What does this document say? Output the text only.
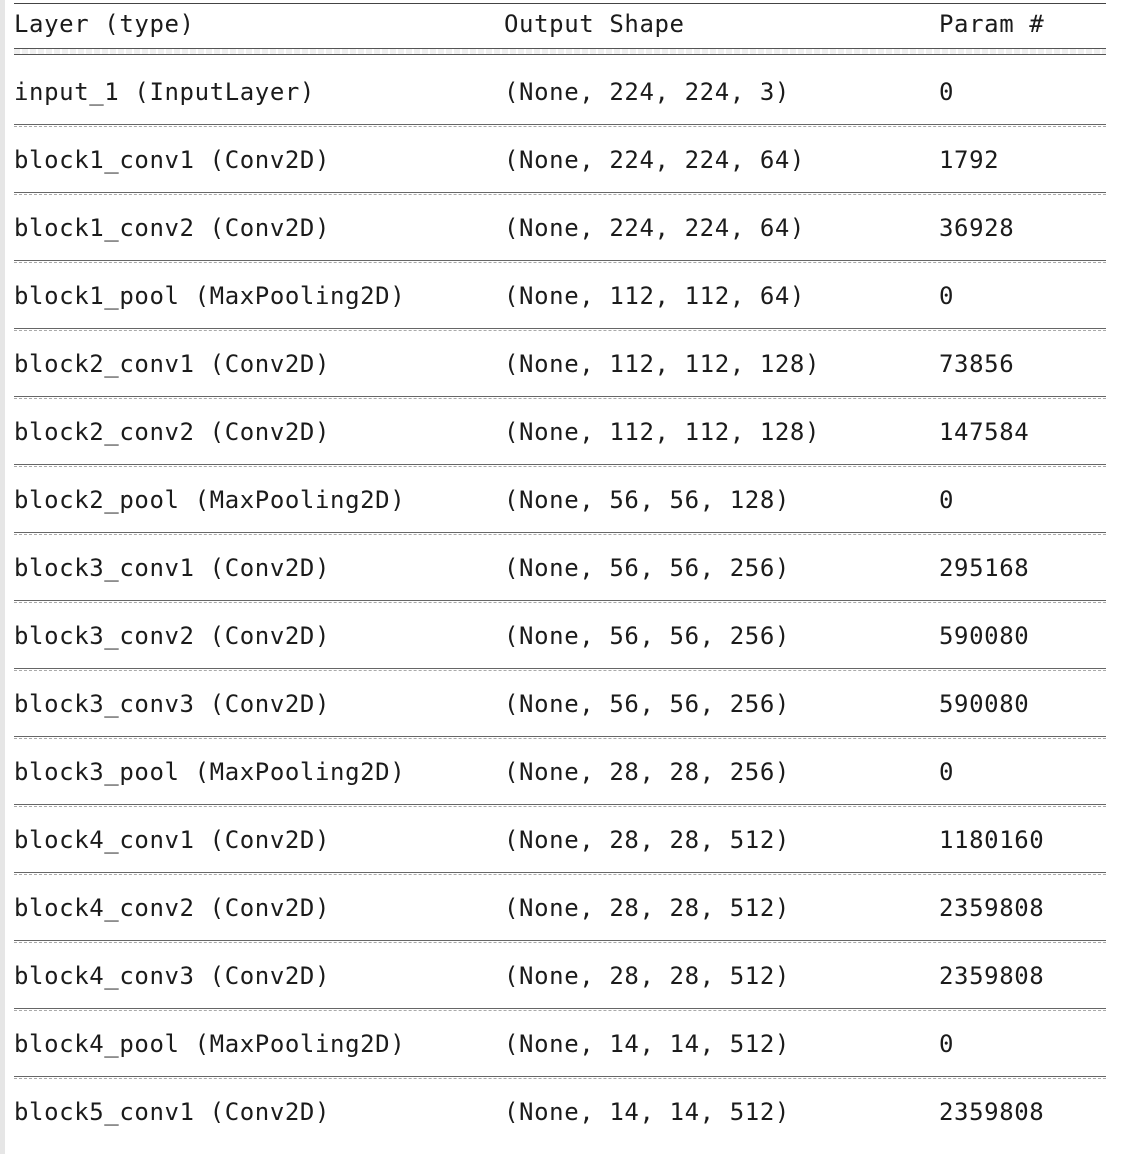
Layer (type)	Output Shape	Param #
input_1 (InputLayer)	(None, 224, 224, 3)	0
block1_conv1 (Conv2D)	(None, 224, 224, 64)	1792
block1_conv2 (Conv2D)	(None, 224, 224, 64)	36928
block1_pool (MaxPooling2D)	(None, 112, 112, 64)	0
block2_conv1 (Conv2D)	(None, 112, 112, 128)	73856
block2_conv2 (Conv2D)	(None, 112, 112, 128)	147584
block2_pool (MaxPooling2D)	(None, 56, 56, 128)	0
block3_conv1 (Conv2D)	(None, 56, 56, 256)	295168
block3_conv2 (Conv2D)	(None, 56, 56, 256)	590080
block3_conv3 (Conv2D)	(None, 56, 56, 256)	590080
block3_pool (MaxPooling2D)	(None, 28, 28, 256)	0
block4_conv1 (Conv2D)	(None, 28, 28, 512)	1180160
block4_conv2 (Conv2D)	(None, 28, 28, 512)	2359808
block4_conv3 (Conv2D)	(None, 28, 28, 512)	2359808
block4_pool (MaxPooling2D)	(None, 14, 14, 512)	0
block5_conv1 (Conv2D)	(None, 14, 14, 512)	2359808
